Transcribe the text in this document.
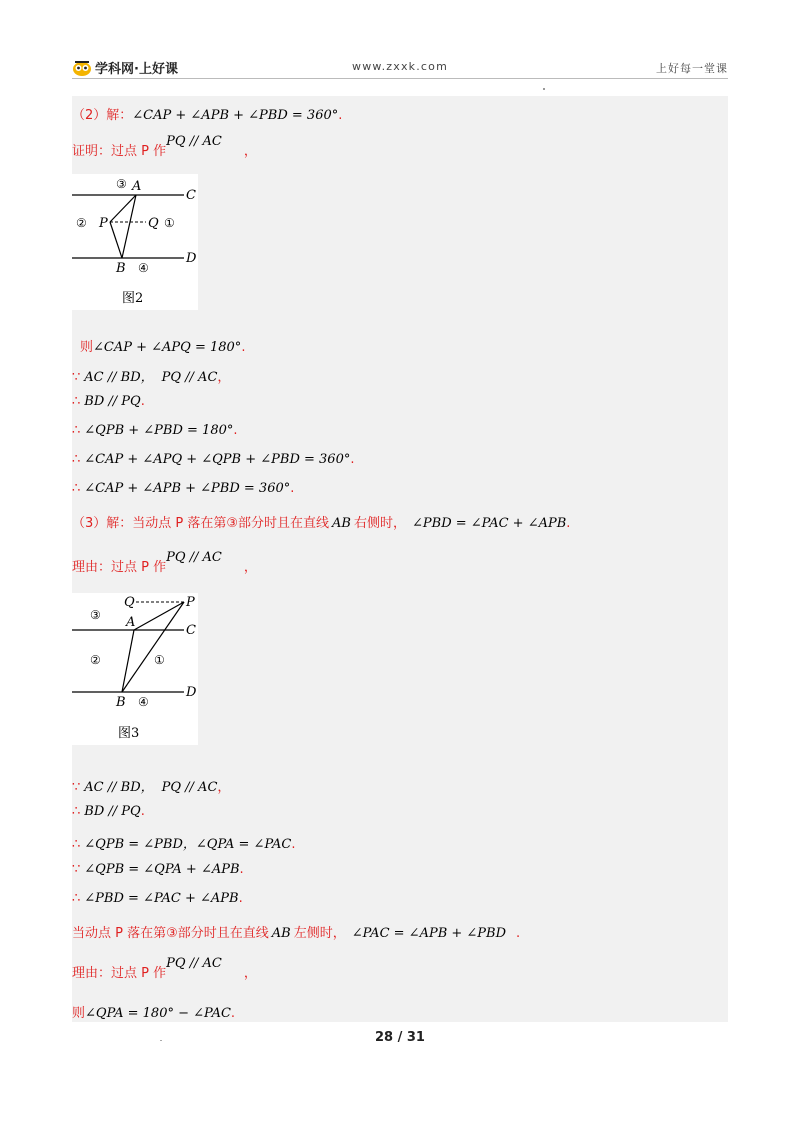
学科网·上好课	www.zxxk.com	上好每一堂课
（2）解：∠CAP + ∠APB + ∠PBD = 360°.
证明：过点 P 作PQ // AC，
③ A
C
② P	Q ①
B ④
D
图2
则∠CAP + ∠APQ = 180°.
∵ AC // BD， PQ // AC，
∴ BD // PQ.
∴ ∠QPB + ∠PBD = 180°.
∴ ∠CAP + ∠APQ + ∠QPB + ∠PBD = 360°.
∴ ∠CAP + ∠APB + ∠PBD = 360°.
（3）解：当动点 P 落在第③部分时且在直线 AB 右侧时， ∠PBD = ∠PAC + ∠APB.
理由：过点 P 作PQ // AC，
Q	P
③ A
C
②	①
B ④
D
图3
∵ AC // BD， PQ // AC，
∴ BD // PQ.
∴ ∠QPB = ∠PBD，∠QPA = ∠PAC.
∵ ∠QPB = ∠QPA + ∠APB.
∴ ∠PBD = ∠PAC + ∠APB.
当动点 P 落在第③部分时且在直线 AB 左侧时， ∠PAC = ∠APB + ∠PBD .
理由：过点 P 作PQ // AC，
则∠QPA = 180° − ∠PAC.
28 / 31
